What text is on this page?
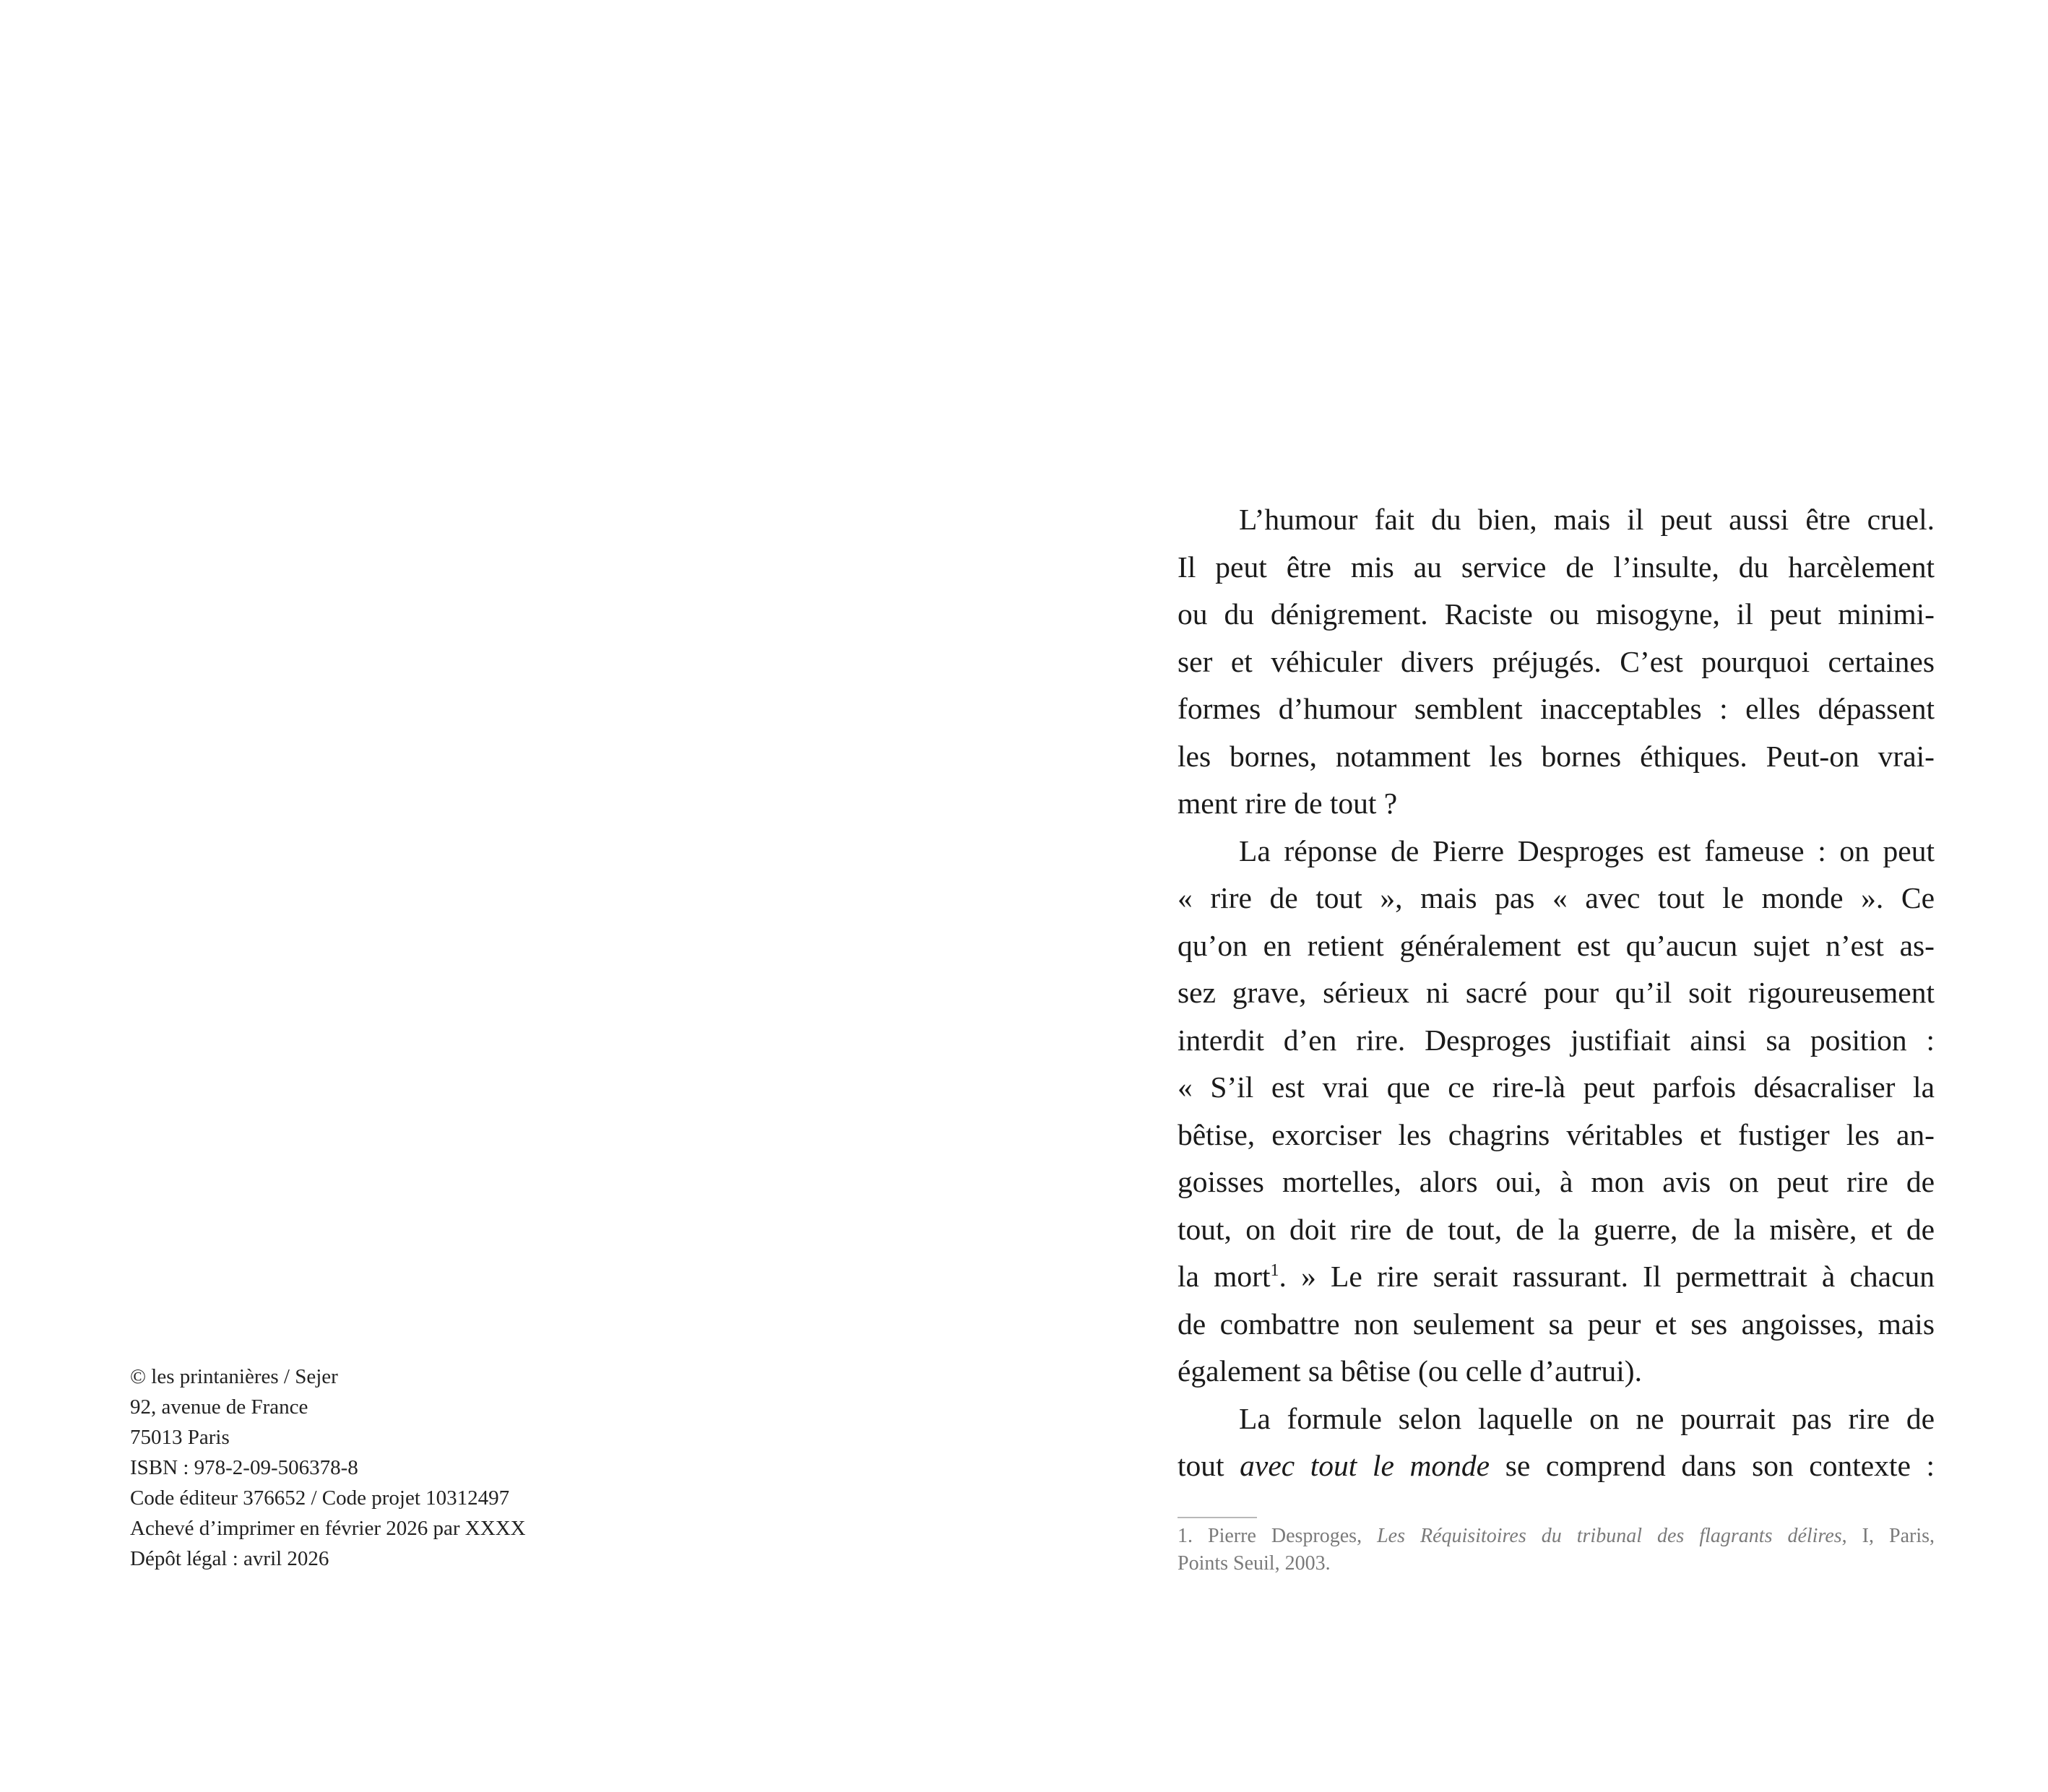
© les printanières / Sejer
92, avenue de France
75013 Paris
ISBN : 978-2-09-506378-8
Code éditeur 376652 / Code projet 10312497
Achevé d’imprimer en février 2026 par XXXX
Dépôt légal : avril 2026
L’humour fait du bien, mais il peut aussi être cruel.
Il peut être mis au service de l’insulte, du harcèlement
ou du dénigrement. Raciste ou misogyne, il peut minimi-
ser et véhiculer divers préjugés. C’est pourquoi certaines
formes d’humour semblent inacceptables : elles dépassent
les bornes, notamment les bornes éthiques. Peut-on vrai-
ment rire de tout ?
La réponse de Pierre Desproges est fameuse : on peut
« rire de tout », mais pas « avec tout le monde ». Ce
qu’on en retient généralement est qu’aucun sujet n’est as-
sez grave, sérieux ni sacré pour qu’il soit rigoureusement
interdit d’en rire. Desproges justifiait ainsi sa position :
« S’il est vrai que ce rire-là peut parfois désacraliser la
bêtise, exorciser les chagrins véritables et fustiger les an-
goisses mortelles, alors oui, à mon avis on peut rire de
tout, on doit rire de tout, de la guerre, de la misère, et de
la mort$^1$. » Le rire serait rassurant. Il permettrait à chacun
de combattre non seulement sa peur et ses angoisses, mais
également sa bêtise (ou celle d’autrui).
La formule selon laquelle on ne pourrait pas rire de
tout avec tout le monde se comprend dans son contexte :
1. Pierre Desproges, Les Réquisitoires du tribunal des flagrants délires, I, Paris,
Points Seuil, 2003.
